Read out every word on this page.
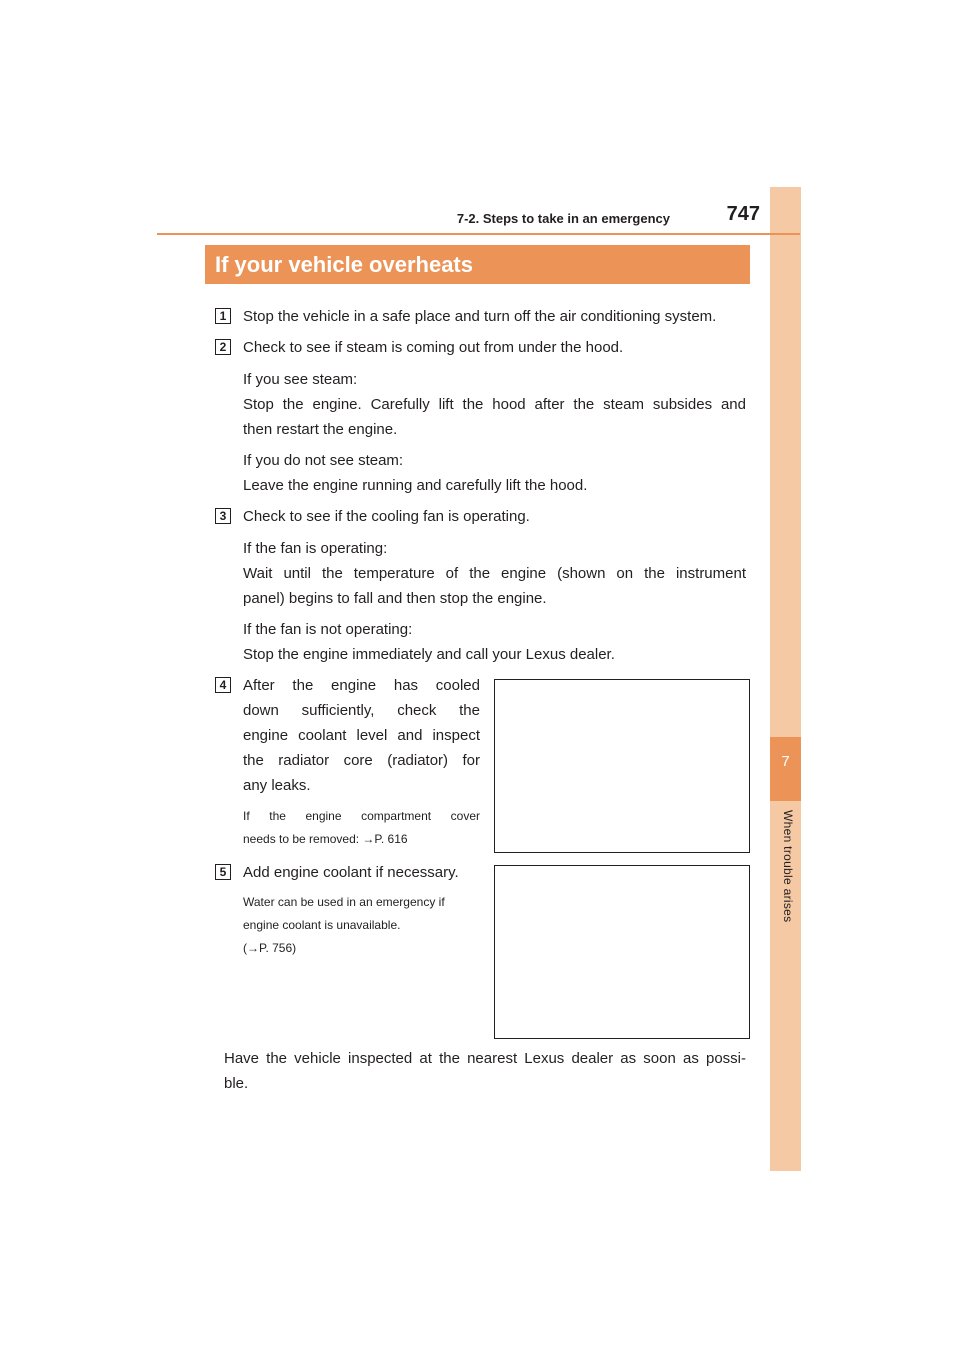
7
When trouble arises
7-2. Steps to take in an emergency	747
If your vehicle overheats
1	Stop the vehicle in a safe place and turn off the air conditioning system.
2	Check to see if steam is coming out from under the hood.
If you see steam:
Stop the engine. Carefully lift the hood after the steam subsides and
then restart the engine.
If you do not see steam:
Leave the engine running and carefully lift the hood.
3	Check to see if the cooling fan is operating.
If the fan is operating:
Wait until the temperature of the engine (shown on the instrument
panel) begins to fall and then stop the engine.
If the fan is not operating:
Stop the engine immediately and call your Lexus dealer.
4	After the engine has cooled
down sufficiently, check the
engine coolant level and inspect
the radiator core (radiator) for
any leaks.
If the engine compartment cover
needs to be removed: →P. 616
5	Add engine coolant if necessary.
Water can be used in an emergency if
engine coolant is unavailable.
(→P. 756)
Have the vehicle inspected at the nearest Lexus dealer as soon as possi-
ble.
